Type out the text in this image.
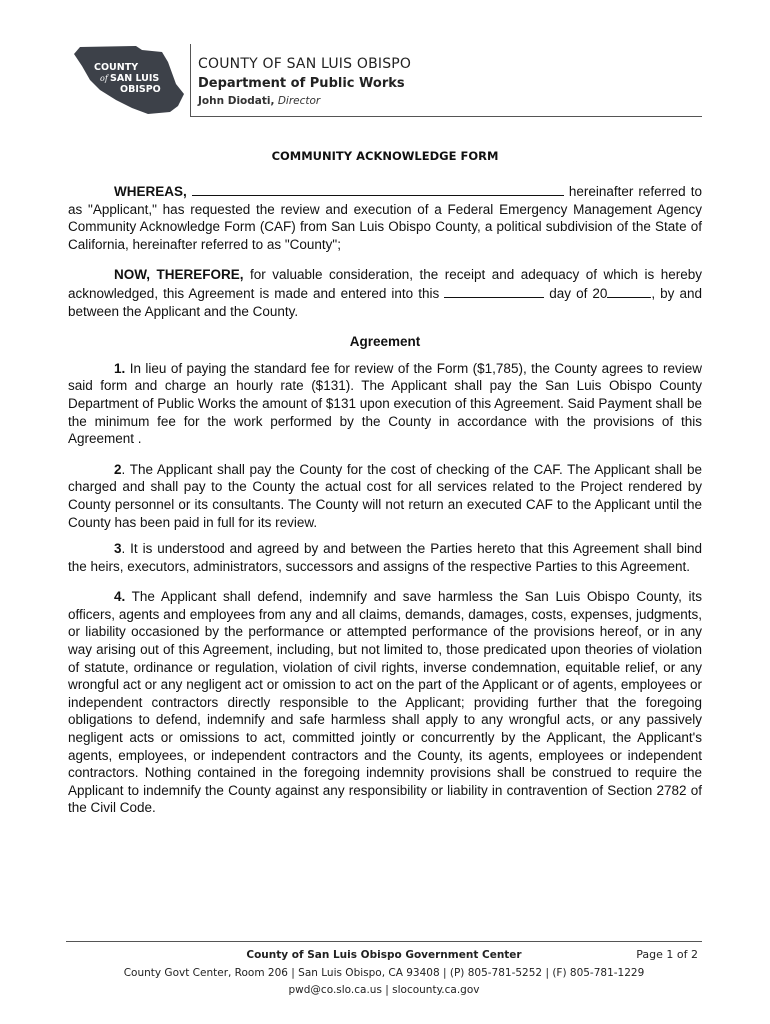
COUNTY
of SAN LUIS
OBISPO
COUNTY OF SAN LUIS OBISPO
Department of Public Works
John Diodati, Director
COMMUNITY ACKNOWLEDGE FORM

WHEREAS,	hereinafter referred to as "Applicant," has requested the review and execution of a Federal Emergency Management Agency Community Acknowledge Form (CAF) from San Luis Obispo County, a political subdivision of the State of California, hereinafter referred to as "County";

NOW, THEREFORE, for valuable consideration, the receipt and adequacy of which is hereby acknowledged, this Agreement is made and entered into this	day of 20	, by and between the Applicant and the County.

Agreement

1. In lieu of paying the standard fee for review of the Form ($1,785), the County agrees to review said form and charge an hourly rate ($131). The Applicant shall pay the San Luis Obispo County Department of Public Works the amount of $131 upon execution of this Agreement. Said Payment shall be the minimum fee for the work performed by the County in accordance with the provisions of this Agreement .

2. The Applicant shall pay the County for the cost of checking of the CAF. The Applicant shall be charged and shall pay to the County the actual cost for all services related to the Project rendered by County personnel or its consultants. The County will not return an executed CAF to the Applicant until the County has been paid in full for its review.

3. It is understood and agreed by and between the Parties hereto that this Agreement shall bind the heirs, executors, administrators, successors and assigns of the respective Parties to this Agreement.

4. The Applicant shall defend, indemnify and save harmless the San Luis Obispo County, its officers, agents and employees from any and all claims, demands, damages, costs, expenses, judgments, or liability occasioned by the performance or attempted performance of the provisions hereof, or in any way arising out of this Agreement, including, but not limited to, those predicated upon theories of violation of statute, ordinance or regulation, violation of civil rights, inverse condemnation, equitable relief, or any wrongful act or any negligent act or omission to act on the part of the Applicant or of agents, employees or independent contractors directly responsible to the Applicant; providing further that the foregoing obligations to defend, indemnify and safe harmless shall apply to any wrongful acts, or any passively negligent acts or omissions to act, committed jointly or concurrently by the Applicant, the Applicant's agents, employees, or independent contractors and the County, its agents, employees or independent contractors. Nothing contained in the foregoing indemnity provisions shall be construed to require the Applicant to indemnify the County against any responsibility or liability in contravention of Section 2782 of the Civil Code.

County of San Luis Obispo Government Center	Page 1 of 2
County Govt Center, Room 206 | San Luis Obispo, CA 93408 | (P) 805-781-5252 | (F) 805-781-1229
pwd@co.slo.ca.us | slocounty.ca.gov
